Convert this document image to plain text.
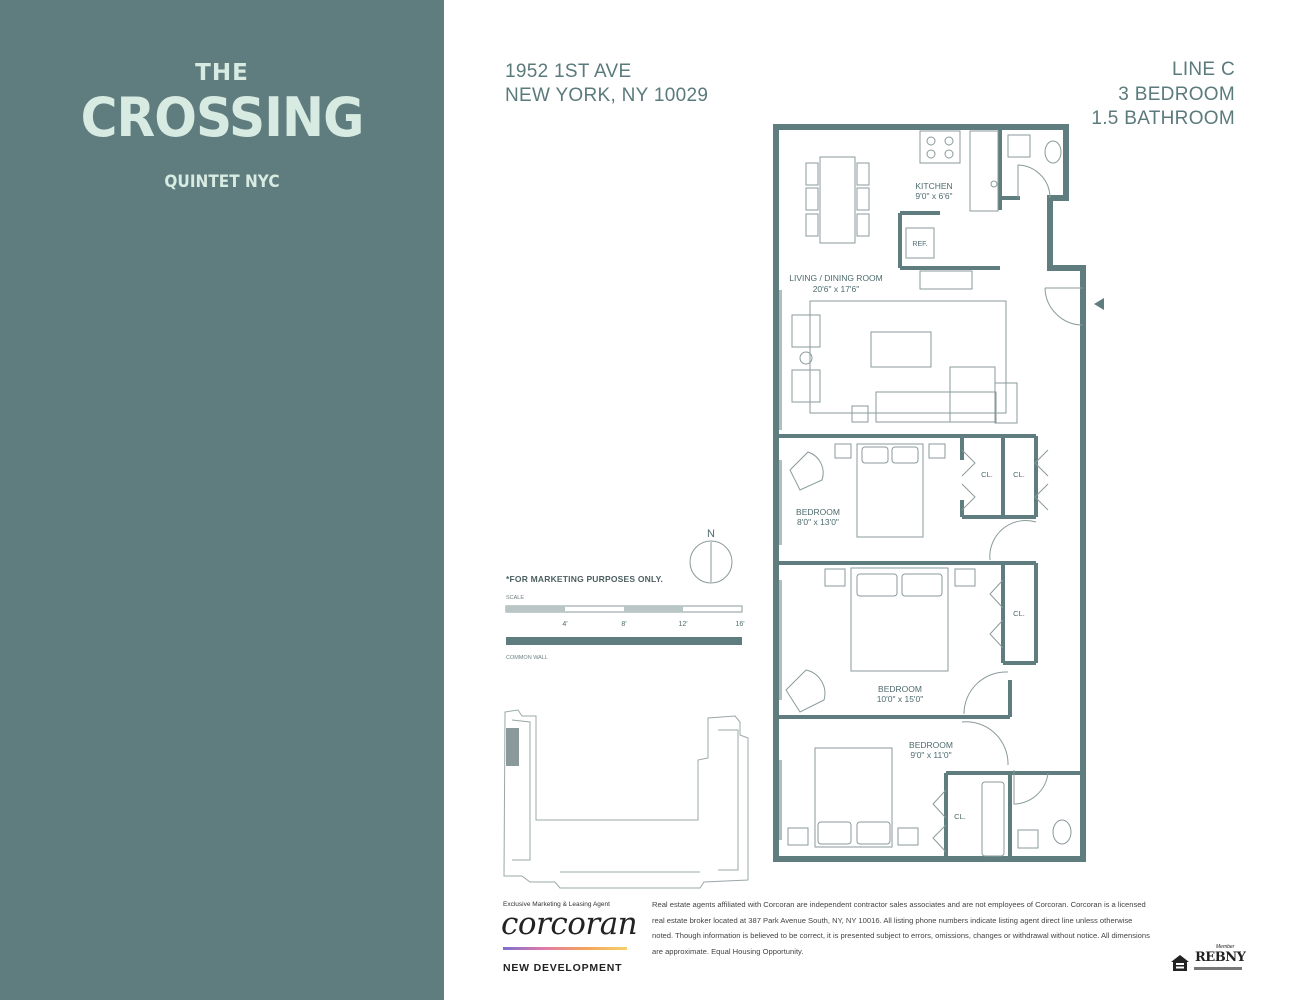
THE
CROSSING
QUINTET NYC
1952 1ST AVE
NEW YORK, NY 10029
LINE C
3 BEDROOM
1.5 BATHROOM
KITCHEN
9'0" x 6'6"
REF.
LIVING / DINING ROOM
20'6" x 17'6"
BEDROOM
8'0" x 13'0"
BEDROOM
10'0" x 15'0"
BEDROOM
9'0" x 11'0"
CL.	CL.
CL.
CL.
N
4'	8'	12'	16'
*FOR MARKETING PURPOSES ONLY.
SCALE
COMMON WALL
Exclusive Marketing & Leasing Agent
corcoran
NEW DEVELOPMENT
Real estate agents affiliated with Corcoran are independent contractor sales associates and are not employees of Corcoran. Corcoran is a licensed real estate broker located at 387 Park Avenue South, NY, NY 10016. All listing phone numbers indicate listing agent direct line unless otherwise noted. Though information is believed to be correct, it is presented subject to errors, omissions, changes or withdrawal without notice. All dimensions are approximate. Equal Housing Opportunity.	REBNY
Member
